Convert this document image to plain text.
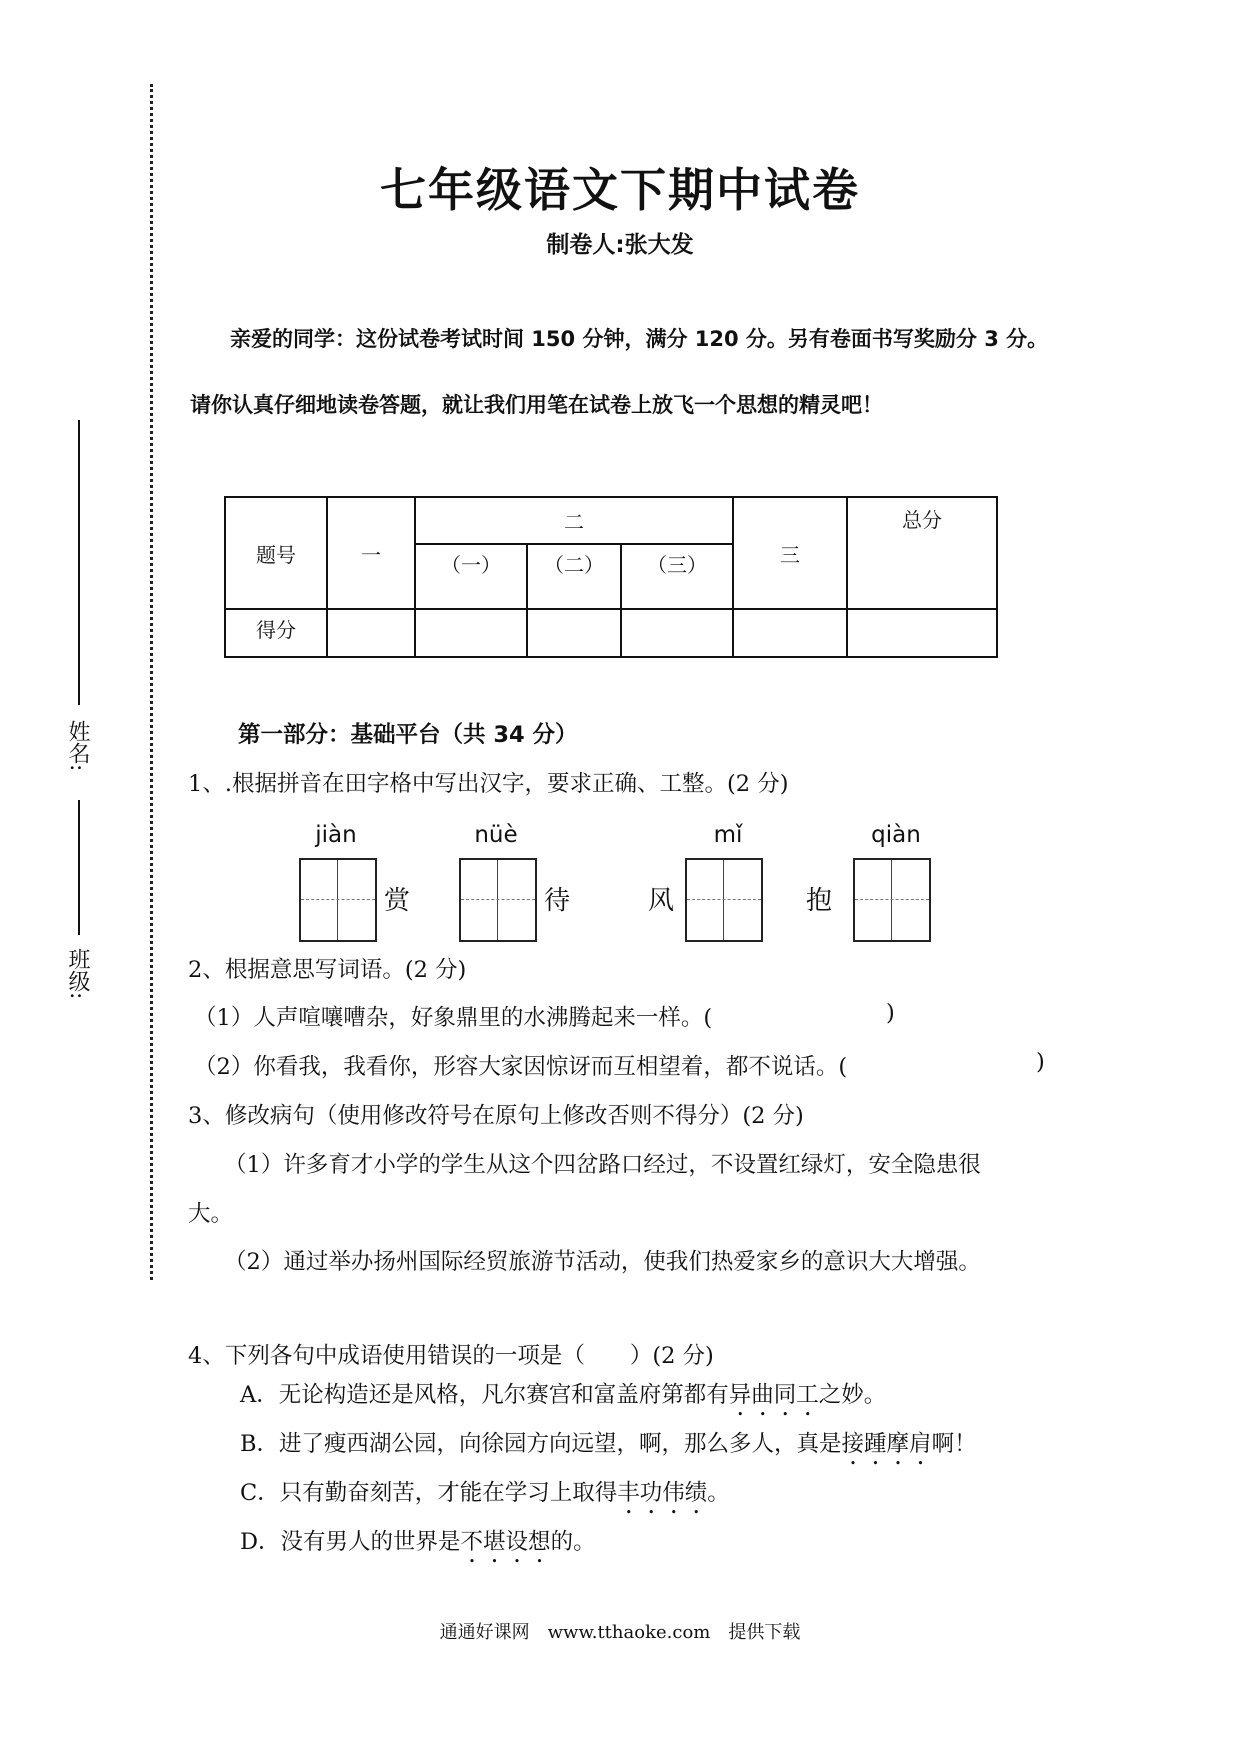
姓名:
班级:
七年级语文下期中试卷
制卷人:张大发
亲爱的同学：这份试卷考试时间 150 分钟，满分 120 分。另有卷面书写奖励分 3 分。
请你认真仔细地读卷答题，就让我们用笔在试卷上放飞一个思想的精灵吧！
题号	一	二			三	总分
		（一）	（二）	（三）		
得分						
第一部分：基础平台（共 34 分）
1、.根据拼音在田字格中写出汉字，要求正确、工整。(2 分)
jiàn
赏
nüè
待	风
mǐ
抱
qiàn
2、根据意思写词语。(2 分)
（1）人声喧嚷嘈杂，好象鼎里的水沸腾起来一样。(	)
（2）你看我，我看你，形容大家因惊讶而互相望着，都不说话。(	)
3、修改病句（使用修改符号在原句上修改否则不得分）(2 分)
（1）许多育才小学的学生从这个四岔路口经过，不设置红绿灯，安全隐患很
大。
（2）通过举办扬州国际经贸旅游节活动，使我们热爱家乡的意识大大增强。
4、下列各句中成语使用错误的一项是（　　）(2 分)
A．无论构造还是风格，凡尔赛宫和富盖府第都有异曲同工之妙。
B．进了瘦西湖公园，向徐园方向远望，啊，那么多人，真是接踵摩肩啊！
C．只有勤奋刻苦，才能在学习上取得丰功伟绩。
D．没有男人的世界是不堪设想的。
通通好课网　www.tthaoke.com　提供下载
